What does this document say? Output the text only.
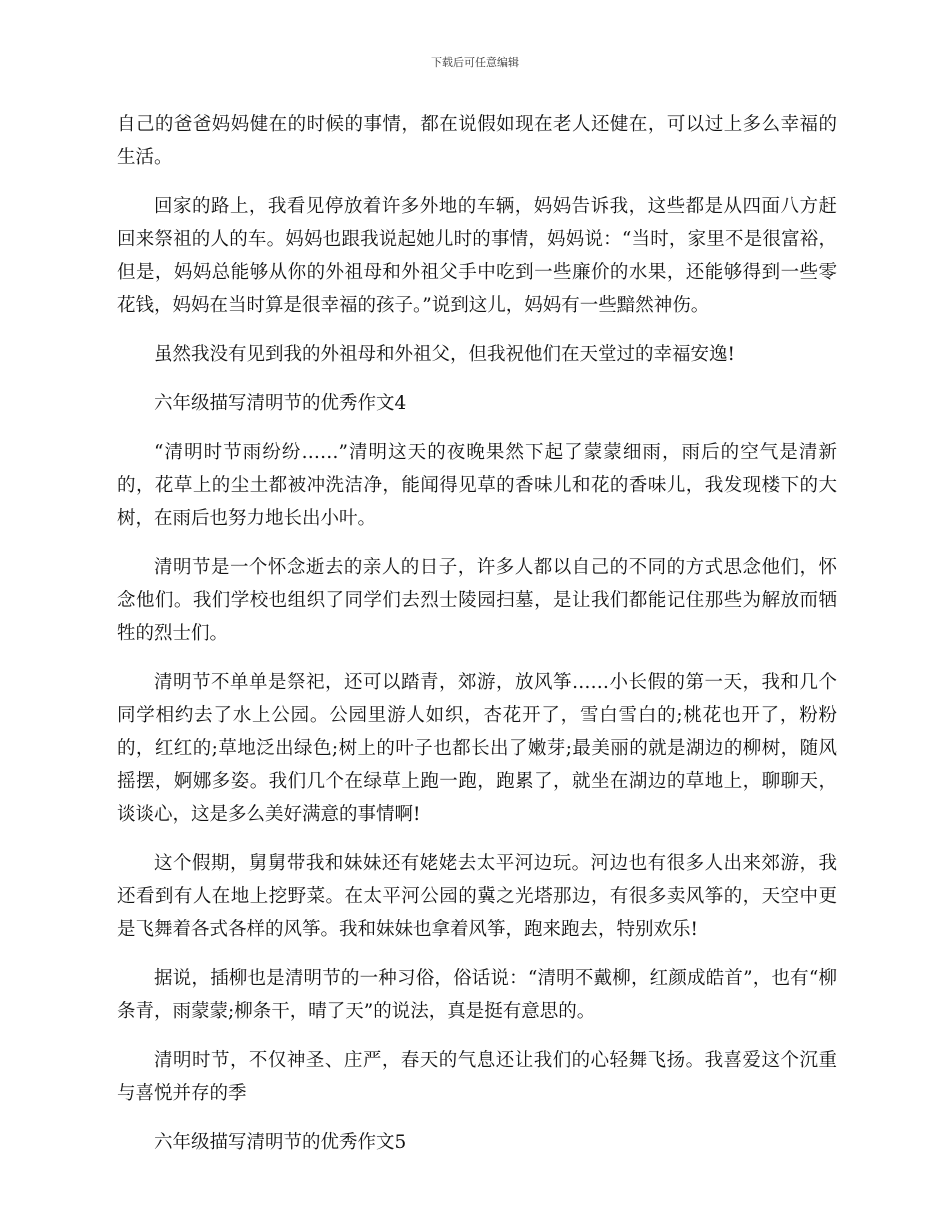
下载后可任意编辑

自己的爸爸妈妈健在的时候的事情，都在说假如现在老人还健在，可以过上多么幸福的生活。

回家的路上，我看见停放着许多外地的车辆，妈妈告诉我，这些都是从四面八方赶回来祭祖的人的车。妈妈也跟我说起她儿时的事情，妈妈说：“当时，家里不是很富裕，但是，妈妈总能够从你的外祖母和外祖父手中吃到一些廉价的水果，还能够得到一些零花钱，妈妈在当时算是很幸福的孩子。”说到这儿，妈妈有一些黯然神伤。

虽然我没有见到我的外祖母和外祖父，但我祝他们在天堂过的幸福安逸!

六年级描写清明节的优秀作文4

“清明时节雨纷纷……”清明这天的夜晚果然下起了蒙蒙细雨，雨后的空气是清新的，花草上的尘土都被冲洗洁净，能闻得见草的香味儿和花的香味儿，我发现楼下的大树，在雨后也努力地长出小叶。

清明节是一个怀念逝去的亲人的日子，许多人都以自己的不同的方式思念他们，怀念他们。我们学校也组织了同学们去烈士陵园扫墓，是让我们都能记住那些为解放而牺牲的烈士们。

清明节不单单是祭祀，还可以踏青，郊游，放风筝……小长假的第一天，我和几个同学相约去了水上公园。公园里游人如织，杏花开了，雪白雪白的;桃花也开了，粉粉的，红红的;草地泛出绿色;树上的叶子也都长出了嫩芽;最美丽的就是湖边的柳树，随风摇摆，婀娜多姿。我们几个在绿草上跑一跑，跑累了，就坐在湖边的草地上，聊聊天，谈谈心，这是多么美好满意的事情啊!

这个假期，舅舅带我和妹妹还有姥姥去太平河边玩。河边也有很多人出来郊游，我还看到有人在地上挖野菜。在太平河公园的冀之光塔那边，有很多卖风筝的，天空中更是飞舞着各式各样的风筝。我和妹妹也拿着风筝，跑来跑去，特别欢乐!

据说，插柳也是清明节的一种习俗，俗话说：“清明不戴柳，红颜成皓首”，也有“柳条青，雨蒙蒙;柳条干，晴了天”的说法，真是挺有意思的。

清明时节，不仅神圣、庄严，春天的气息还让我们的心轻舞飞扬。我喜爱这个沉重与喜悦并存的季

六年级描写清明节的优秀作文5
